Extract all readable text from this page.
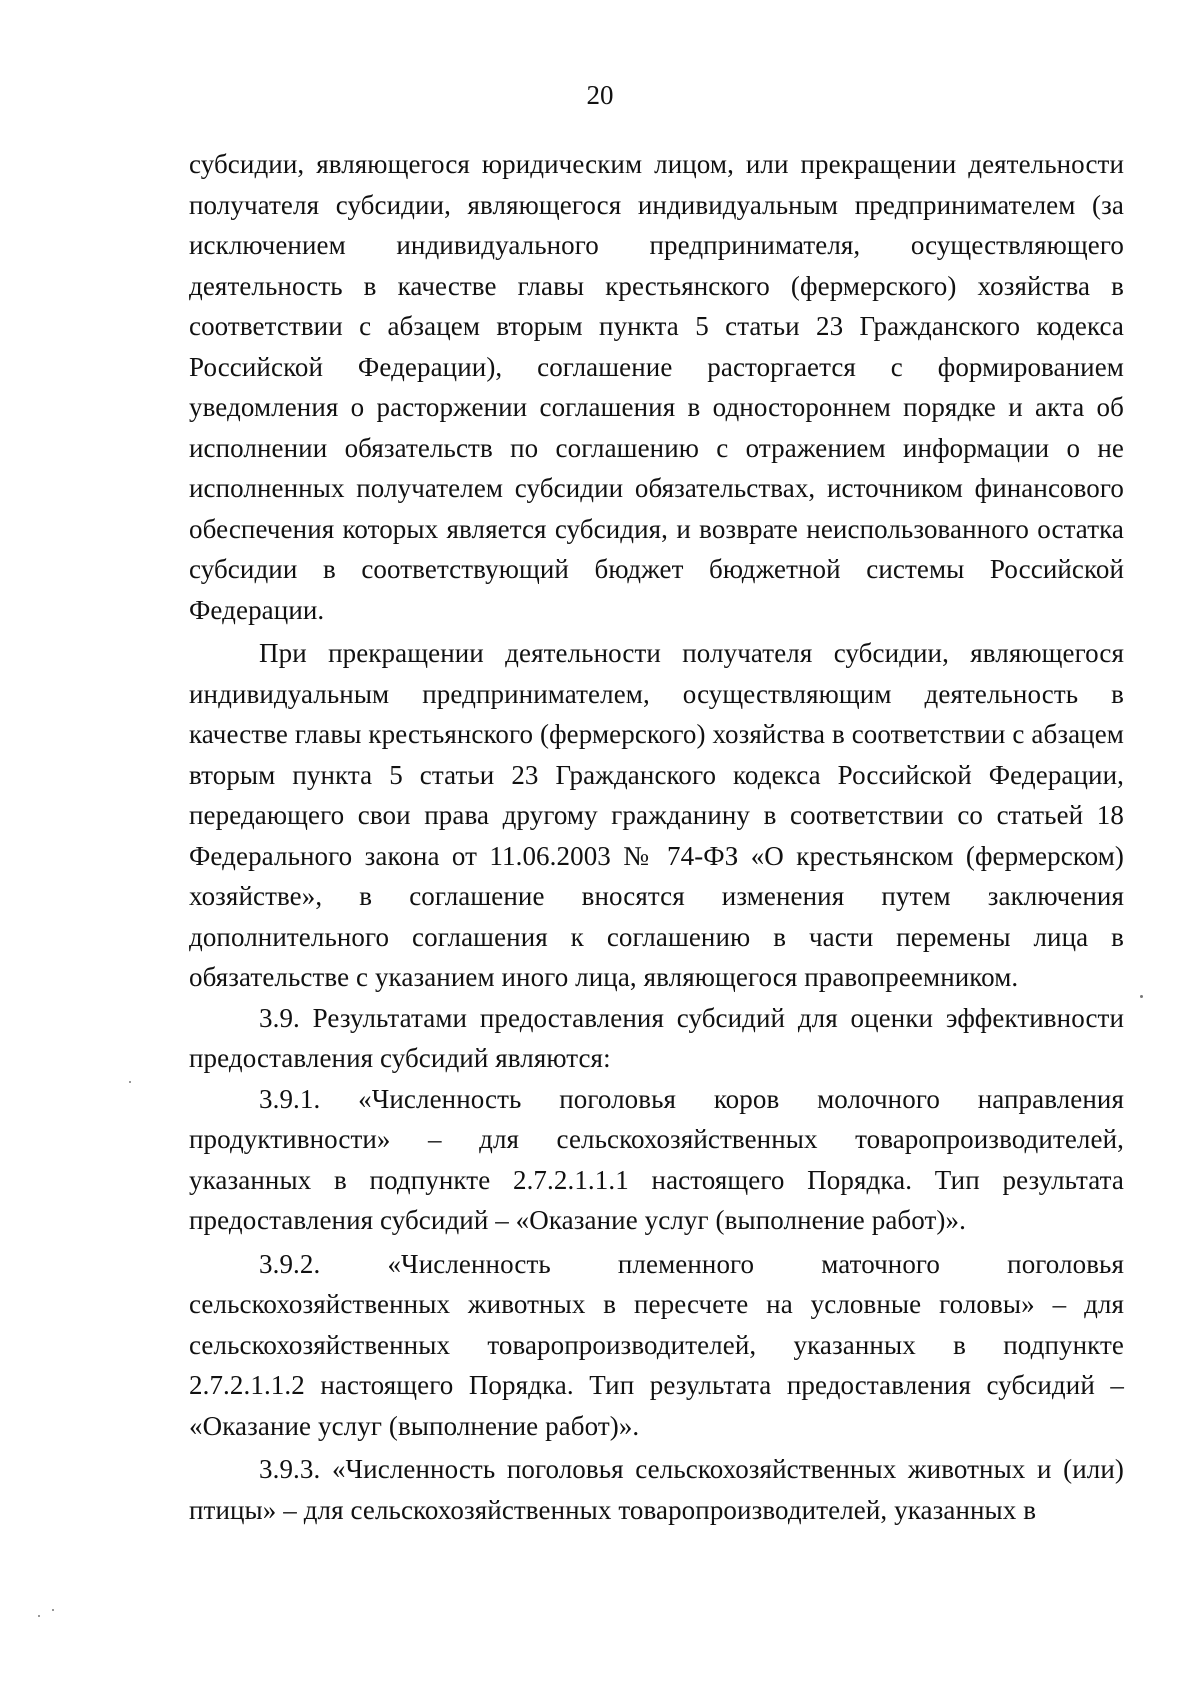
20

субсидии, являющегося юридическим лицом, или прекращении деятельности получателя субсидии, являющегося индивидуальным предпринимателем (за исключением индивидуального предпринимателя, осуществляющего деятельность в качестве главы крестьянского (фермерского) хозяйства в соответствии с абзацем вторым пункта 5 статьи 23 Гражданского кодекса Российской Федерации), соглашение расторгается с формированием уведомления о расторжении соглашения в одностороннем порядке и акта об исполнении обязательств по соглашению с отражением информации о не исполненных получателем субсидии обязательствах, источником финансового обеспечения которых является субсидия, и возврате неиспользованного остатка субсидии в соответствующий бюджет бюджетной системы Российской Федерации.

При прекращении деятельности получателя субсидии, являющегося индивидуальным предпринимателем, осуществляющим деятельность в качестве главы крестьянского (фермерского) хозяйства в соответствии с абзацем вторым пункта 5 статьи 23 Гражданского кодекса Российской Федерации, передающего свои права другому гражданину в соответствии со статьей 18 Федерального закона от 11.06.2003 № 74-ФЗ «О крестьянском (фермерском) хозяйстве», в соглашение вносятся изменения путем заключения дополнительного соглашения к соглашению в части перемены лица в обязательстве с указанием иного лица, являющегося правопреемником.

3.9. Результатами предоставления субсидий для оценки эффективности предоставления субсидий являются:

3.9.1. «Численность поголовья коров молочного направления продуктивности» – для сельскохозяйственных товаропроизводителей, указанных в подпункте 2.7.2.1.1.1 настоящего Порядка. Тип результата предоставления субсидий – «Оказание услуг (выполнение работ)».

3.9.2. «Численность племенного маточного поголовья сельскохозяйственных животных в пересчете на условные головы» – для сельскохозяйственных товаропроизводителей, указанных в подпункте 2.7.2.1.1.2 настоящего Порядка. Тип результата предоставления субсидий – «Оказание услуг (выполнение работ)».

3.9.3. «Численность поголовья сельскохозяйственных животных и (или) птицы» – для сельскохозяйственных товаропроизводителей, указанных в
